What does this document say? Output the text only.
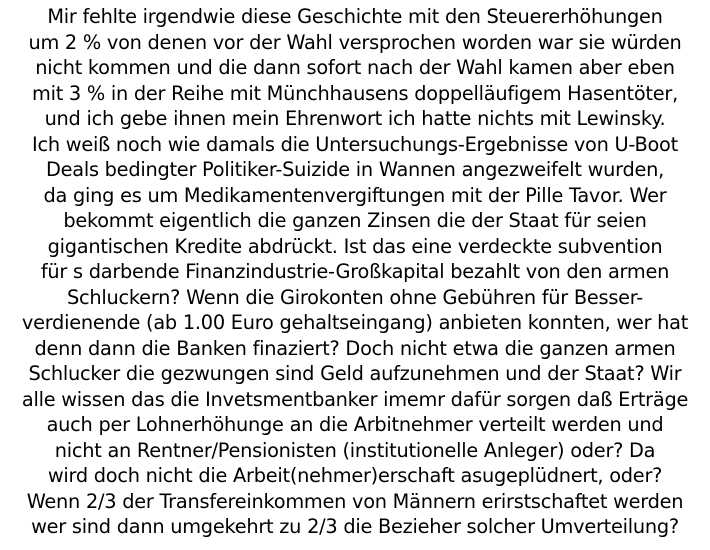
Mir fehlte irgendwie diese Geschichte mit den Steuererhöhungen
um 2 % von denen vor der Wahl versprochen worden war sie würden
nicht kommen und die dann sofort nach der Wahl kamen aber eben
mit 3 % in der Reihe mit Münchhausens doppelläufigem Hasentöter,
und ich gebe ihnen mein Ehrenwort ich hatte nichts mit Lewinsky.
Ich weiß noch wie damals die Untersuchungs-Ergebnisse von U-Boot
Deals bedingter Politiker-Suizide in Wannen angezweifelt wurden,
da ging es um Medikamentenvergiftungen mit der Pille Tavor. Wer
bekommt eigentlich die ganzen Zinsen die der Staat für seien
gigantischen Kredite abdrückt. Ist das eine verdeckte subvention
für s darbende Finanzindustrie-Großkapital bezahlt von den armen
Schluckern? Wenn die Girokonten ohne Gebühren für Besser-
verdienende (ab 1.00 Euro gehaltseingang) anbieten konnten, wer hat
denn dann die Banken finaziert? Doch nicht etwa die ganzen armen
Schlucker die gezwungen sind Geld aufzunehmen und der Staat? Wir
alle wissen das die Invetsmentbanker imemr dafür sorgen daß Erträge
auch per Lohnerhöhunge an die Arbitnehmer verteilt werden und
nicht an Rentner/Pensionisten (institutionelle Anleger) oder? Da
wird doch nicht die Arbeit(nehmer)erschaft asugeplüdnert, oder?
Wenn 2/3 der Transfereinkommen von Männern erirstschaftet werden
wer sind dann umgekehrt zu 2/3 die Bezieher solcher Umverteilung?
